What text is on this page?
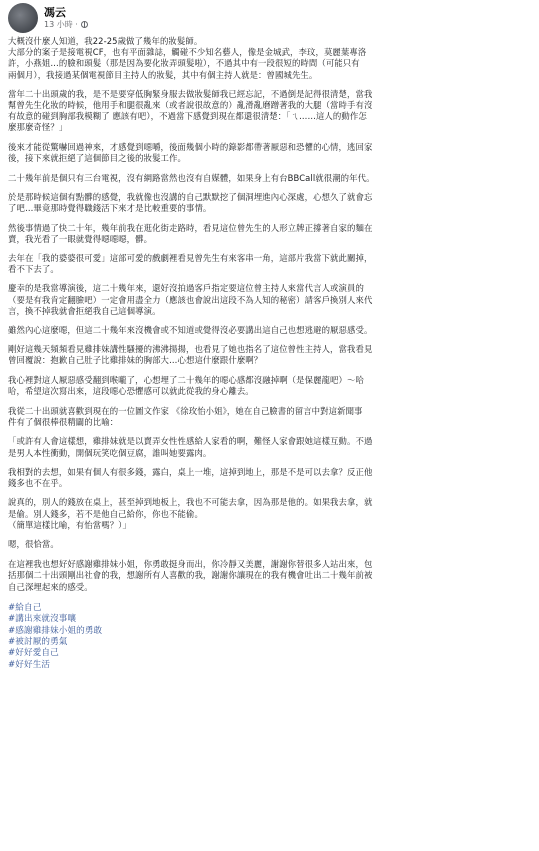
馮云
13 小時 ·

大概沒什麼人知道，我22-25歲做了幾年的妝髮師。

大部分的案子是接電視CF，也有平面雜誌，觸碰不少知名藝人，像是金城武，李玟，莫麗葉專洛
許，小燕姐…的臉和頭髮（那是因為要化妝弄頭髮啦），不過其中有一段很短的時間（可能只有
兩個月），我接過某個電視節目主持人的妝髮，其中有個主持人就是：曾國城先生。

當年二十出頭歲的我，是不是要穿低胸緊身服去做妝髮師我已經忘記，不過倒是記得很清楚，當我
幫曾先生化妝的時候，他用手和腿很亂來（或者說很故意的）亂滑亂磨蹭著我的大腿（當時手有沒
有故意的碰到胸部我模糊了 應該有吧），不過當下感覺到現在都還很清楚：「ㄟ……這人的動作怎
麼那麼奇怪？」

後來才能從驚嚇回過神來，才感覺到噁嚼，後面幾個小時的錄影都帶著厭惡和恐懼的心情，逃回家
後，接下來就拒絕了這個節目之後的妝髮工作。

二十幾年前是個只有三台電視，沒有網路當然也沒有自媒體，如果身上有台BBCall就很潮的年代。

於是那時候這個有點髒的感覺，我就像也沒講的自己默默挖了個洞埋進內心深處，心想久了就會忘
了吧…畢竟那時覺得職錢活下來才是比較重要的事情。

然後事情過了快二十年，幾年前我在逛化街走路時，看見這位曾先生的人形立牌正撐著自家的麵在
賣，我光看了一眼就覺得噁噁噁，髒。

去年在「我的婆婆很可愛」這部可愛的戲劇裡看見曾先生有來客串一角，這部片我當下就此關掉，
看不下去了。

慶幸的是我當導演後，這二十幾年來，還好沒拍過客戶指定要這位曾主持人來當代言人或演員的
（要是有我肯定翻臉吧）一定會用盡全力（應該也會說出這段不為人知的秘密）請客戶換別人來代
言，換不掉我就會拒絕我自己這個導演。

雖然內心這麼噁，但這二十幾年來沒機會或不知道或覺得沒必要講出這自己也想逃避的厭惡感受。

剛好這幾天頻頻看見雞排妹講性騷擾的沸沸揚揚，也看見了她也指名了這位曾性主持人，當我看見
曾回覆說：抱歉自己肚子比雞排妹的胸部大…心想這什麼跟什麼啊？

我心裡對這人厭惡感受翻到喉嚨了，心想埋了二十幾年的噁心感都沒融掉啊（是保麗龍吧）～哈
哈，希望這次寫出來，這段噁心恐懼感可以就此從我的身心離去。

我從二十出頭就喜歡到現在的一位圖文作家 《徐玫怡小姐》，她在自己臉書的留言中對這新聞事
件有了個很棒很精闢的比喻：

「或許有人會這樣想，雞排妹就是以賣弄女性性感給人家看的啊，難怪人家會跟她這樣互動。不過
是男人本性衝動，開個玩笑吃個豆腐，誰叫她要露肉。

我相對的去想，如果有個人有很多錢，露白，桌上一堆，這掉到地上，那是不是可以去拿？反正他
錢多也不在乎。

說真的，別人的錢放在桌上，甚至掉到地板上，我也不可能去拿，因為那是他的。如果我去拿，就
是偷。別人錢多，若不是他自己給你，你也不能偷。
（簡單這樣比喻，有怡當嗎？）」

嗯，很恰當。

在這裡我也想好好感謝雞排妹小姐，你勇敢挺身而出，你冷靜又美麗，謝謝你替很多人站出來，包
括那個二十出頭剛出社會的我，想謝所有人喜歡的我，謝謝你讓現在的我有機會吐出二十幾年前被
自己深埋起來的感受。

#給自己
#講出來就沒事嚷
#感謝雞排妹小姐的勇敢
#被討厭的勇氣
#好好愛自己
#好好生活
